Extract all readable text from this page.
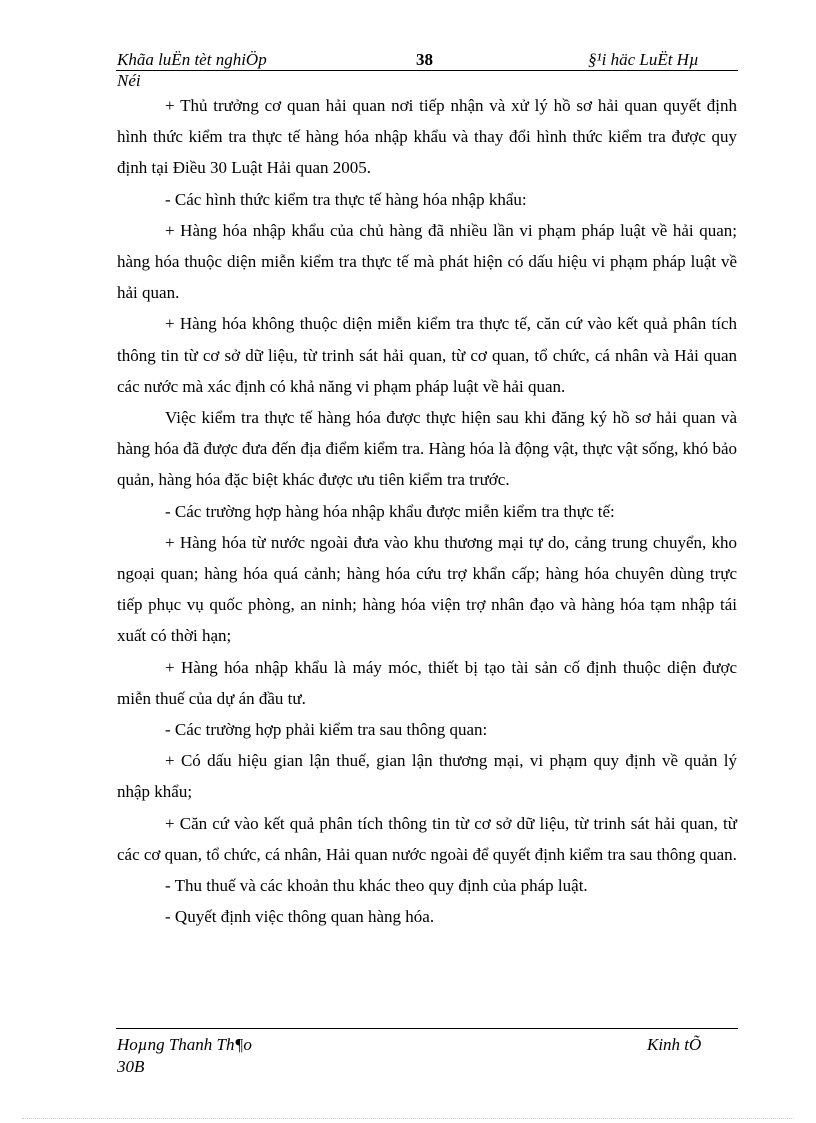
Khãa luËn tèt nghiÖp	38	§¹i häc LuËt Hµ
Néi

+ Thủ trưởng cơ quan hải quan nơi tiếp nhận và xử lý hồ sơ hải quan quyết định hình thức kiểm tra thực tế hàng hóa nhập khẩu và thay đổi hình thức kiểm tra được quy định tại Điều 30 Luật Hải quan 2005.

- Các hình thức kiểm tra thực tế hàng hóa nhập khẩu:

+ Hàng hóa nhập khẩu của chủ hàng đã nhiều lần vi phạm pháp luật về hải quan; hàng hóa thuộc diện miễn kiểm tra thực tế mà phát hiện có dấu hiệu vi phạm pháp luật về hải quan.

+ Hàng hóa không thuộc diện miễn kiểm tra thực tế, căn cứ vào kết quả phân tích thông tin từ cơ sở dữ liệu, từ trinh sát hải quan, từ cơ quan, tổ chức, cá nhân và Hải quan các nước mà xác định có khả năng vi phạm pháp luật về hải quan.

Việc kiểm tra thực tế hàng hóa được thực hiện sau khi đăng ký hồ sơ hải quan và hàng hóa đã được đưa đến địa điểm kiểm tra. Hàng hóa là động vật, thực vật sống, khó bảo quản, hàng hóa đặc biệt khác được ưu tiên kiểm tra trước.

- Các trường hợp hàng hóa nhập khẩu được miễn kiểm tra thực tế:

+ Hàng hóa từ nước ngoài đưa vào khu thương mại tự do, cảng trung chuyển, kho ngoại quan; hàng hóa quá cảnh; hàng hóa cứu trợ khẩn cấp; hàng hóa chuyên dùng trực tiếp phục vụ quốc phòng, an ninh; hàng hóa viện trợ nhân đạo và hàng hóa tạm nhập tái xuất có thời hạn;

+ Hàng hóa nhập khẩu là máy móc, thiết bị tạo tài sản cố định thuộc diện được miễn thuế của dự án đầu tư.

- Các trường hợp phải kiểm tra sau thông quan:

+ Có dấu hiệu gian lận thuế, gian lận thương mại, vi phạm quy định về quản lý nhập khẩu;

+ Căn cứ vào kết quả phân tích thông tin từ cơ sở dữ liệu, từ trinh sát hải quan, từ các cơ quan, tổ chức, cá nhân, Hải quan nước ngoài để quyết định kiểm tra sau thông quan.

- Thu thuế và các khoản thu khác theo quy định của pháp luật.

- Quyết định việc thông quan hàng hóa.

Hoµng Thanh Th¶o	Kinh tÕ
30B
